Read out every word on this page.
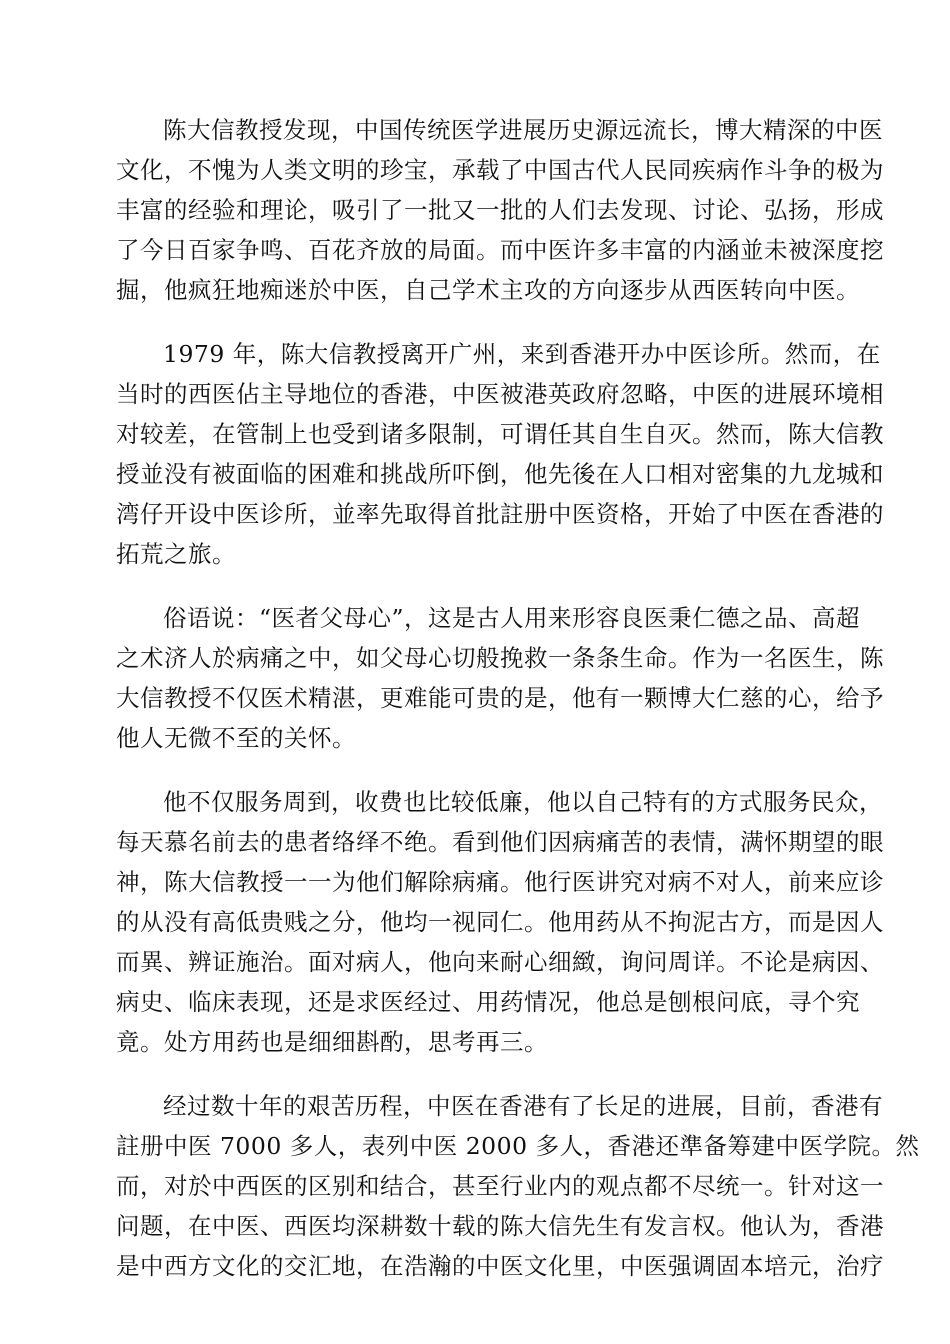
陈大信教授发现，中国传统医学进展历史源远流长，博大精深的中医
文化，不愧为人类文明的珍宝，承载了中国古代人民同疾病作斗争的极为
丰富的经验和理论，吸引了一批又一批的人们去发现、讨论、弘扬，形成
了今日百家争鸣、百花齐放的局面。而中医许多丰富的内涵並未被深度挖
掘，他疯狂地痴迷於中医，自己学术主攻的方向逐步从西医转向中医。

1979 年，陈大信教授离开广州，来到香港开办中医诊所。然而，在
当时的西医佔主导地位的香港，中医被港英政府忽略，中医的进展环境相
对较差，在管制上也受到诸多限制，可谓任其自生自灭。然而，陈大信教
授並没有被面临的困难和挑战所吓倒，他先後在人口相对密集的九龙城和
湾仔开设中医诊所，並率先取得首批註册中医资格，开始了中医在香港的
拓荒之旅。

俗语说：“医者父母心”，这是古人用来形容良医秉仁德之品、高超
之术济人於病痛之中，如父母心切般挽救一条条生命。作为一名医生，陈
大信教授不仅医术精湛，更难能可贵的是，他有一颗博大仁慈的心，给予
他人无微不至的关怀。

他不仅服务周到，收费也比较低廉，他以自己特有的方式服务民众，
每天慕名前去的患者络绎不绝。看到他们因病痛苦的表情，满怀期望的眼
神，陈大信教授一一为他们解除病痛。他行医讲究对病不对人，前来应诊
的从没有高低贵贱之分，他均一视同仁。他用药从不拘泥古方，而是因人
而異、辨证施治。面对病人，他向来耐心细緻，询问周详。不论是病因、
病史、临床表现，还是求医经过、用药情况，他总是刨根问底，寻个究
竟。处方用药也是细细斟酌，思考再三。

经过数十年的艰苦历程，中医在香港有了长足的进展，目前，香港有
註册中医 7000 多人，表列中医 2000 多人，香港还準备筹建中医学院。然
而，对於中西医的区别和结合，甚至行业内的观点都不尽统一。针对这一
问题，在中医、西医均深耕数十载的陈大信先生有发言权。他认为，香港
是中西方文化的交汇地，在浩瀚的中医文化里，中医强调固本培元，治疗
